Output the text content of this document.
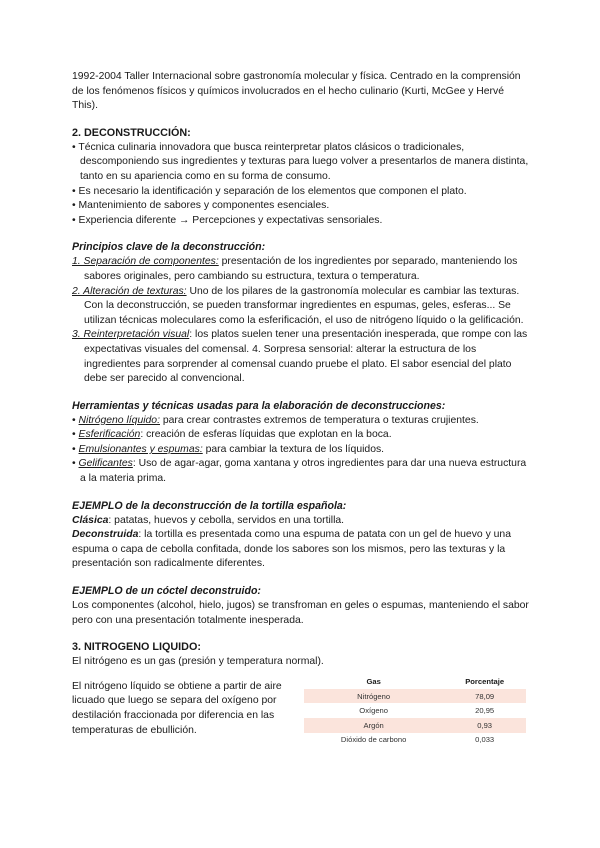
1992-2004 Taller Internacional sobre gastronomía molecular y física. Centrado en la comprensión de los fenómenos físicos y químicos involucrados en el hecho culinario (Kurti, McGee y Hervé This).

2. DECONSTRUCCIÓN:

• Técnica culinaria innovadora que busca reinterpretar platos clásicos o tradicionales, descomponiendo sus ingredientes y texturas para luego volver a presentarlos de manera distinta, tanto en su apariencia como en su forma de consumo.

• Es necesario la identificación y separación de los elementos que componen el plato.

• Mantenimiento de sabores y componentes esenciales.

• Experiencia diferente → Percepciones y expectativas sensoriales.

Principios clave de la deconstrucción:

1. Separación de componentes: presentación de los ingredientes por separado, manteniendo los sabores originales, pero cambiando su estructura, textura o temperatura.

2. Alteración de texturas: Uno de los pilares de la gastronomía molecular es cambiar las texturas. Con la deconstrucción, se pueden transformar ingredientes en espumas, geles, esferas... Se utilizan técnicas moleculares como la esferificación, el uso de nitrógeno líquido o la gelificación.

3. Reinterpretación visual: los platos suelen tener una presentación inesperada, que rompe con las expectativas visuales del comensal. 4. Sorpresa sensorial: alterar la estructura de los ingredientes para sorprender al comensal cuando pruebe el plato. El sabor esencial del plato debe ser parecido al convencional.

Herramientas y técnicas usadas para la elaboración de deconstrucciones:

• Nitrógeno líquido: para crear contrastes extremos de temperatura o texturas crujientes.

• Esferificación: creación de esferas líquidas que explotan en la boca.

• Emulsionantes y espumas: para cambiar la textura de los líquidos.

• Gelificantes: Uso de agar-agar, goma xantana y otros ingredientes para dar una nueva estructura a la materia prima.

EJEMPLO de la deconstrucción de la tortilla española:

Clásica: patatas, huevos y cebolla, servidos en una tortilla.

Deconstruida: la tortilla es presentada como una espuma de patata con un gel de huevo y una espuma o capa de cebolla confitada, donde los sabores son los mismos, pero las texturas y la presentación son radicalmente diferentes.

EJEMPLO de un cóctel deconstruido:

Los componentes (alcohol, hielo, jugos) se transfroman en geles o espumas, manteniendo el sabor pero con una presentación totalmente inesperada.

3. NITROGENO LIQUIDO:

El nitrógeno es un gas (presión y temperatura normal).

El nitrógeno líquido se obtiene a partir de aire licuado que luego se separa del oxígeno por destilación fraccionada por diferencia en las temperaturas de ebullición.

Gas	Porcentaje
Nitrógeno	78,09
Oxígeno	20,95
Argón	0,93
Dióxido de carbono	0,033
